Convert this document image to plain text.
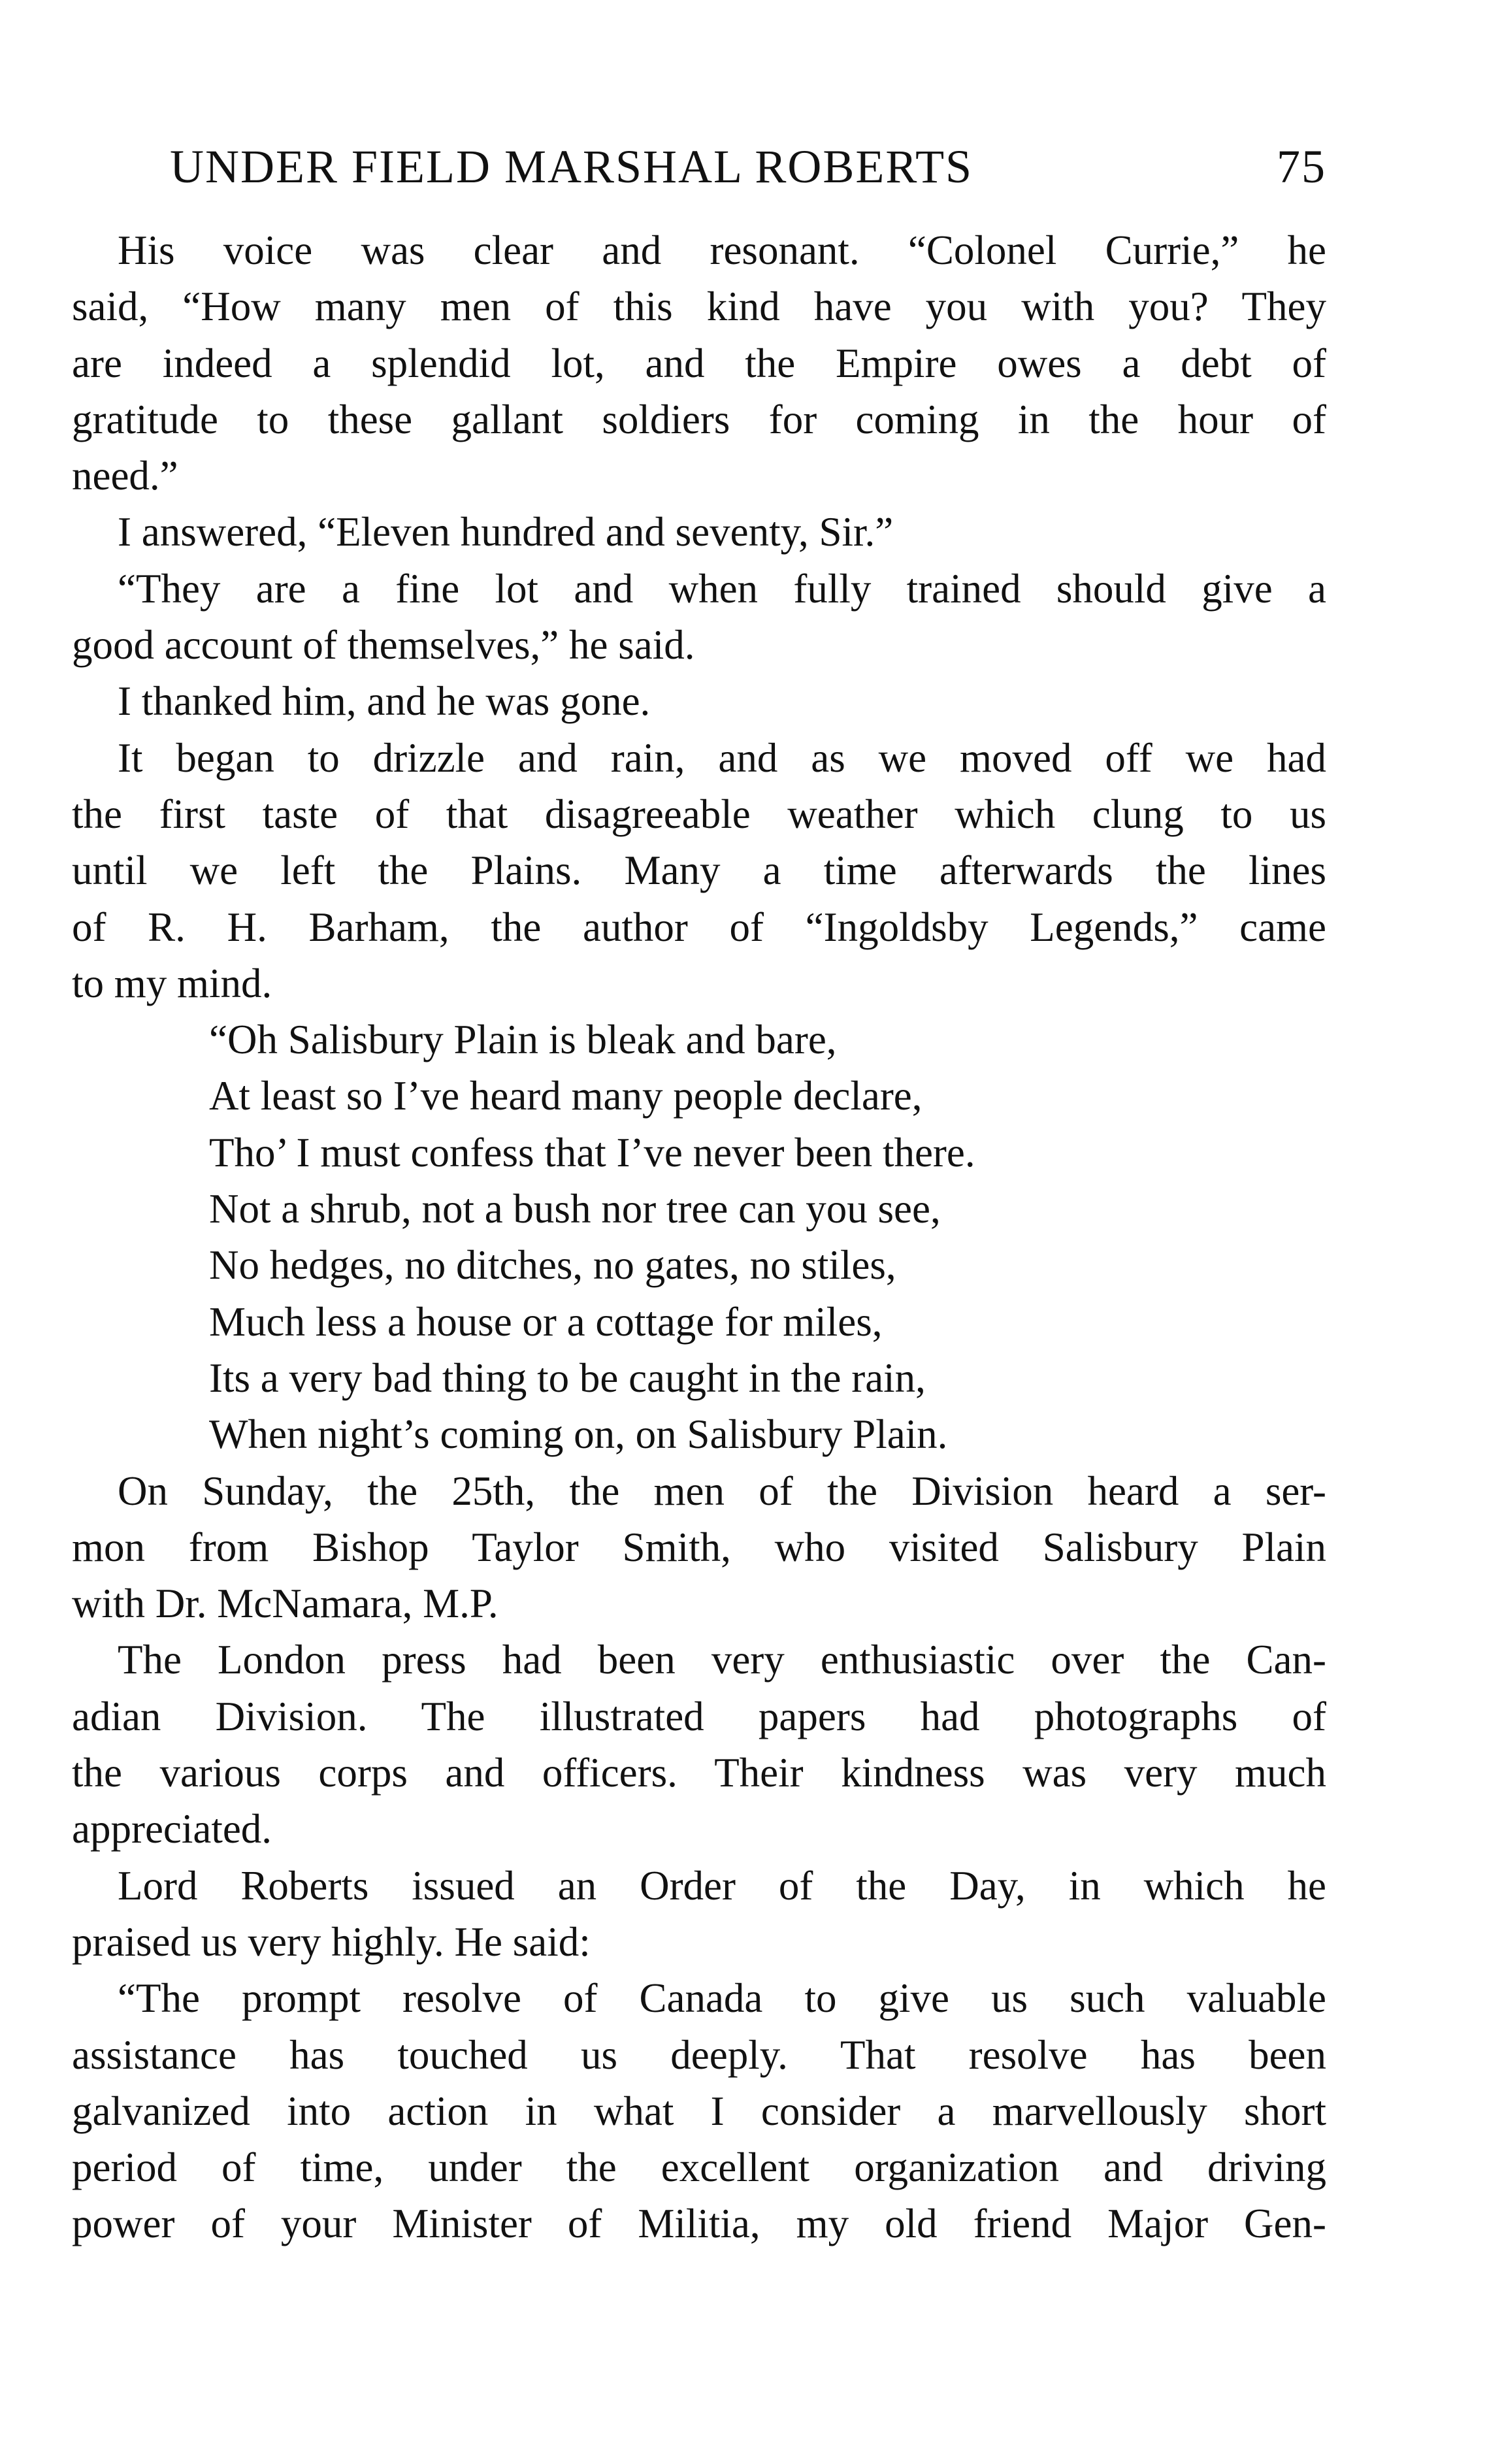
UNDER FIELD MARSHAL ROBERTS	75
His voice was clear and resonant. “Colonel Currie,” he
said, “How many men of this kind have you with you? They
are indeed a splendid lot, and the Empire owes a debt of
gratitude to these gallant soldiers for coming in the hour of
need.”
I answered, “Eleven hundred and seventy, Sir.”
“They are a fine lot and when fully trained should give a
good account of themselves,” he said.
I thanked him, and he was gone.
It began to drizzle and rain, and as we moved off we had
the first taste of that disagreeable weather which clung to us
until we left the Plains. Many a time afterwards the lines
of R. H. Barham, the author of “Ingoldsby Legends,” came
to my mind.
“Oh Salisbury Plain is bleak and bare,
At least so I’ve heard many people declare,
Tho’ I must confess that I’ve never been there.
Not a shrub, not a bush nor tree can you see,
No hedges, no ditches, no gates, no stiles,
Much less a house or a cottage for miles,
Its a very bad thing to be caught in the rain,
When night’s coming on, on Salisbury Plain.
On Sunday, the 25th, the men of the Division heard a ser-
mon from Bishop Taylor Smith, who visited Salisbury Plain
with Dr. McNamara, M.P.
The London press had been very enthusiastic over the Can-
adian Division. The illustrated papers had photographs of
the various corps and officers. Their kindness was very much
appreciated.
Lord Roberts issued an Order of the Day, in which he
praised us very highly. He said:
“The prompt resolve of Canada to give us such valuable
assistance has touched us deeply. That resolve has been
galvanized into action in what I consider a marvellously short
period of time, under the excellent organization and driving
power of your Minister of Militia, my old friend Major Gen-
